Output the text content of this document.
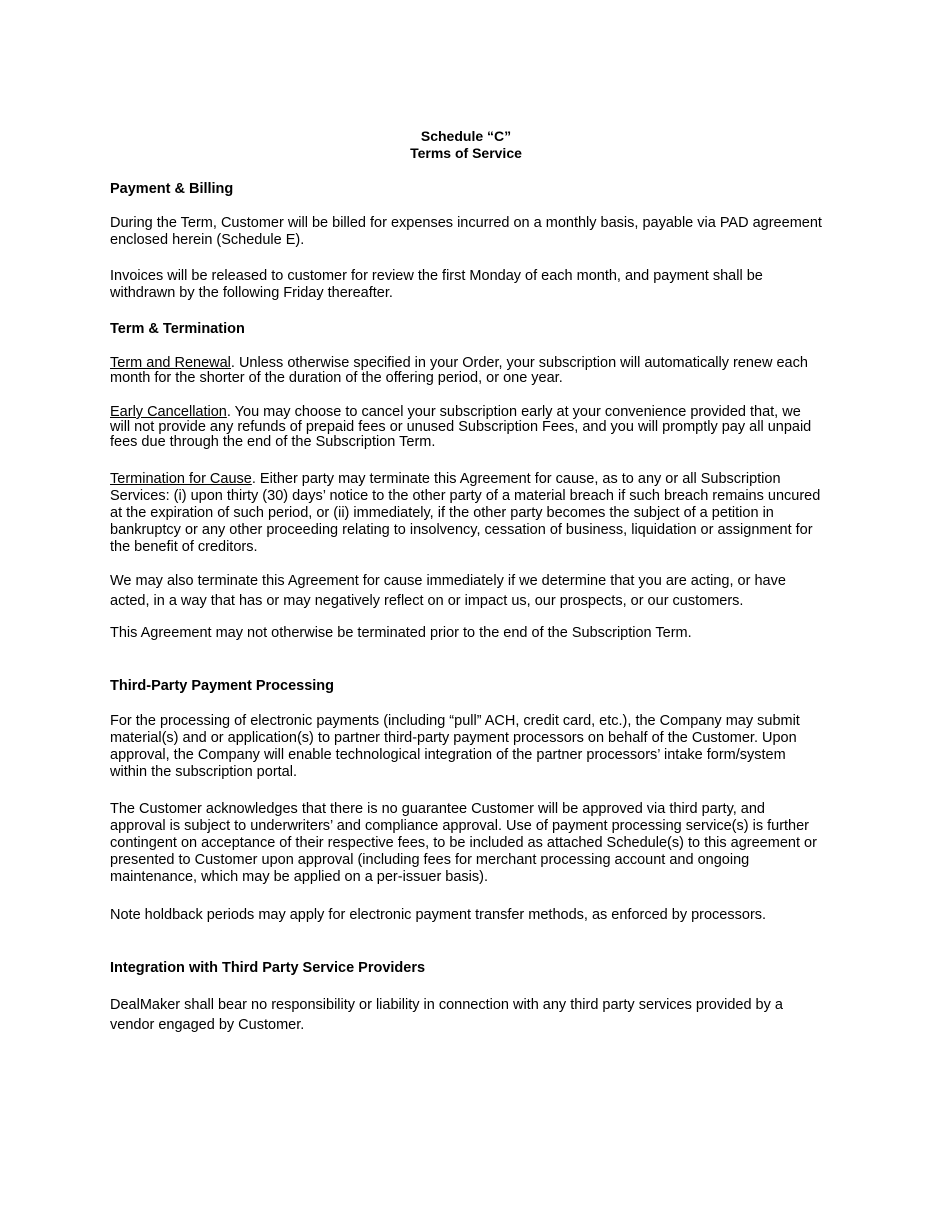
Schedule “C”
Terms of Service
Payment & Billing
During the Term, Customer will be billed for expenses incurred on a monthly basis, payable via PAD agreement enclosed herein (Schedule E).
Invoices will be released to customer for review the first Monday of each month, and payment shall be withdrawn by the following Friday thereafter.
Term & Termination
Term and Renewal. Unless otherwise specified in your Order, your subscription will automatically renew each month for the shorter of the duration of the offering period, or one year.
Early Cancellation. You may choose to cancel your subscription early at your convenience provided that, we will not provide any refunds of prepaid fees or unused Subscription Fees, and you will promptly pay all unpaid fees due through the end of the Subscription Term.
Termination for Cause. Either party may terminate this Agreement for cause, as to any or all Subscription Services: (i) upon thirty (30) days’ notice to the other party of a material breach if such breach remains uncured at the expiration of such period, or (ii) immediately, if the other party becomes the subject of a petition in bankruptcy or any other proceeding relating to insolvency, cessation of business, liquidation or assignment for the benefit of creditors.
We may also terminate this Agreement for cause immediately if we determine that you are acting, or have acted, in a way that has or may negatively reflect on or impact us, our prospects, or our customers.
This Agreement may not otherwise be terminated prior to the end of the Subscription Term.
Third-Party Payment Processing
For the processing of electronic payments (including “pull” ACH, credit card, etc.), the Company may submit material(s) and or application(s) to partner third-party payment processors on behalf of the Customer. Upon approval, the Company will enable technological integration of the partner processors’ intake form/system within the subscription portal.
The Customer acknowledges that there is no guarantee Customer will be approved via third party, and approval is subject to underwriters’ and compliance approval. Use of payment processing service(s) is further contingent on acceptance of their respective fees, to be included as attached Schedule(s) to this agreement or presented to Customer upon approval (including fees for merchant processing account and ongoing maintenance, which may be applied on a per-issuer basis).
Note holdback periods may apply for electronic payment transfer methods, as enforced by processors.
Integration with Third Party Service Providers
DealMaker shall bear no responsibility or liability in connection with any third party services provided by a vendor engaged by Customer.
